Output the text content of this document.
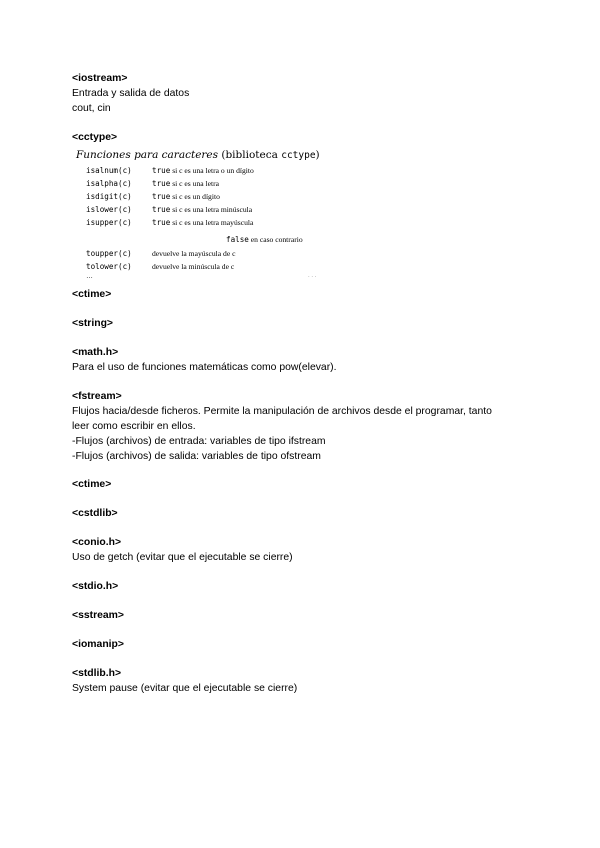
<iostream>
Entrada y salida de datos
cout, cin
<cctype>
Funciones para caracteres (biblioteca cctype)
isalnum(c)	true si c es una letra o un dígito
isalpha(c)	true si c es una letra
isdigit(c)	true si c es un dígito
islower(c)	true si c es una letra minúscula
isupper(c)	true si c es una letra mayúscula
false en caso contrario
toupper(c)	devuelve la mayúscula de c
tolower(c)	devuelve la minúscula de c
…	. . .
<ctime>
<string>
<math.h>
Para el uso de funciones matemáticas como pow(elevar).
<fstream>
Flujos hacia/desde ficheros. Permite la manipulación de archivos desde el programar, tanto
leer como escribir en ellos.
-Flujos (archivos) de entrada: variables de tipo ifstream
-Flujos (archivos) de salida: variables de tipo ofstream
<ctime>
<cstdlib>
<conio.h>
Uso de getch (evitar que el ejecutable se cierre)
<stdio.h>
<sstream>
<iomanip>
<stdlib.h>
System pause (evitar que el ejecutable se cierre)
